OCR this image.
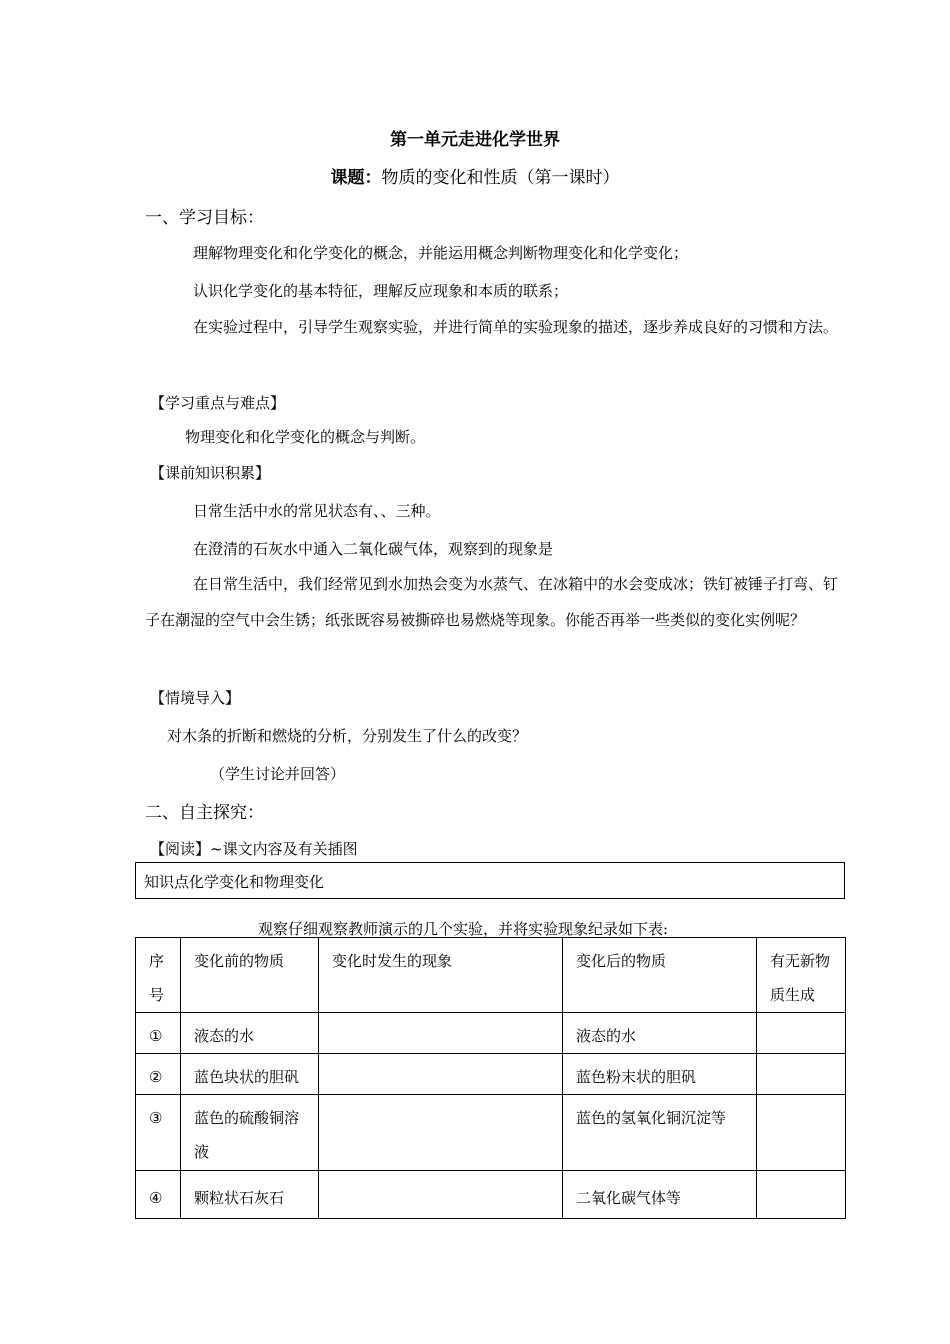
第一单元走进化学世界
课题：物质的变化和性质（第一课时）
一、学习目标：
理解物理变化和化学变化的概念，并能运用概念判断物理变化和化学变化；
认识化学变化的基本特征，理解反应现象和本质的联系；
在实验过程中，引导学生观察实验，并进行简单的实验现象的描述，逐步养成良好的习惯和方法。
【学习重点与难点】
物理变化和化学变化的概念与判断。
【课前知识积累】
日常生活中水的常见状态有、、三种。
在澄清的石灰水中通入二氧化碳气体，观察到的现象是
在日常生活中，我们经常见到水加热会变为水蒸气、在冰箱中的水会变成冰；铁钉被锤子打弯、钉子在潮湿的空气中会生锈；纸张既容易被撕碎也易燃烧等现象。你能否再举一些类似的变化实例呢？
【情境导入】
对木条的折断和燃烧的分析，分别发生了什么的改变？
（学生讨论并回答）
二、自主探究：
【阅读】~课文内容及有关插图
知识点化学变化和物理变化
观察仔细观察教师演示的几个实验，并将实验现象纪录如下表:
序号	变化前的物质	变化时发生的现象	变化后的物质	有无新物质生成
①	液态的水		液态的水	
②	蓝色块状的胆矾		蓝色粉末状的胆矾	
③	蓝色的硫酸铜溶液		蓝色的氢氧化铜沉淀等	
④	颗粒状石灰石		二氧化碳气体等	
